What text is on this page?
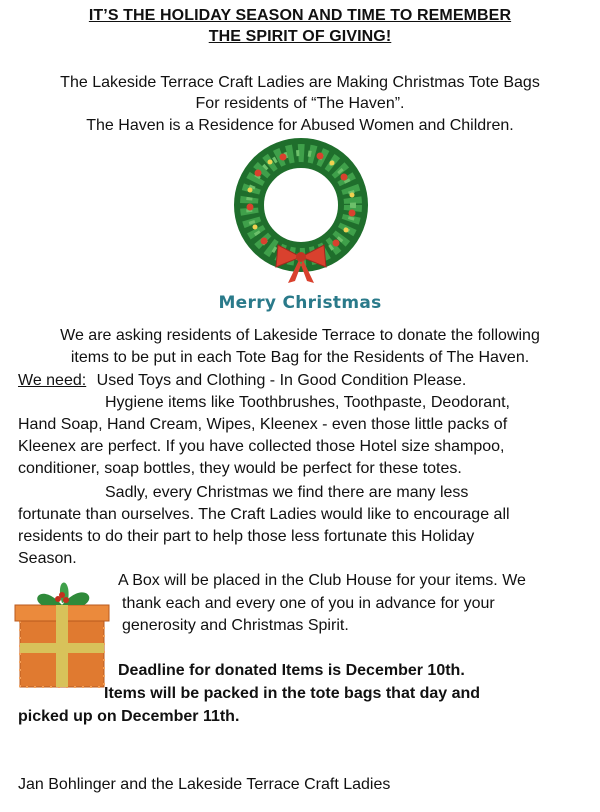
IT’S THE HOLIDAY SEASON AND TIME TO REMEMBER
THE SPIRIT OF GIVING!
The Lakeside Terrace Craft Ladies are Making Christmas Tote Bags
For residents of “The Haven”.
The Haven is a Residence for Abused Women and Children.
Merry Christmas
We are asking residents of Lakeside Terrace to donate the following
items to be put in each Tote Bag for the Residents of The Haven.
We need: Used Toys and Clothing - In Good Condition Please.
Hygiene items like Toothbrushes, Toothpaste, Deodorant,
Hand Soap, Hand Cream, Wipes, Kleenex - even those little packs of
Kleenex are perfect. If you have collected those Hotel size shampoo,
conditioner, soap bottles, they would be perfect for these totes.
Sadly, every Christmas we find there are many less
fortunate than ourselves. The Craft Ladies would like to encourage all
residents to do their part to help those less fortunate this Holiday
Season.
A Box will be placed in the Club House for your items. We
thank each and every one of you in advance for your
generosity and Christmas Spirit.
Deadline for donated Items is December 10th.
Items will be packed in the tote bags that day and
picked up on December 11th.
Jan Bohlinger and the Lakeside Terrace Craft Ladies
